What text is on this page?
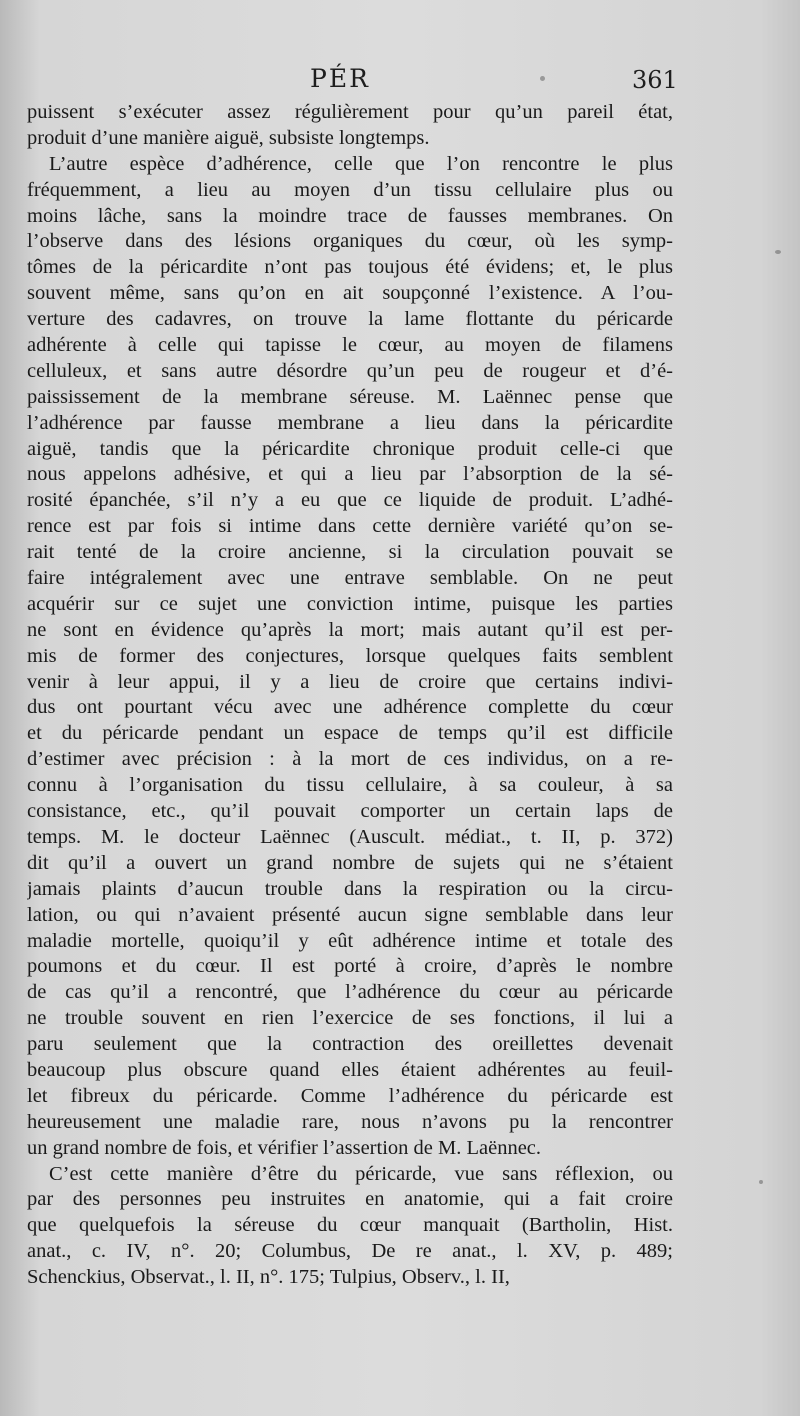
PÉR	361
puissent s’exécuter assez régulièrement pour qu’un pareil état,
produit d’une manière aiguë, subsiste longtemps.
L’autre espèce d’adhérence, celle que l’on rencontre le plus
fréquemment, a lieu au moyen d’un tissu cellulaire plus ou
moins lâche, sans la moindre trace de fausses membranes. On
l’observe dans des lésions organiques du cœur, où les symp-
tômes de la péricardite n’ont pas toujous été évidens; et, le plus
souvent même, sans qu’on en ait soupçonné l’existence. A l’ou-
verture des cadavres, on trouve la lame flottante du péricarde
adhérente à celle qui tapisse le cœur, au moyen de filamens
celluleux, et sans autre désordre qu’un peu de rougeur et d’é-
paississement de la membrane séreuse. M. Laënnec pense que
l’adhérence par fausse membrane a lieu dans la péricardite
aiguë, tandis que la péricardite chronique produit celle-ci que
nous appelons adhésive, et qui a lieu par l’absorption de la sé-
rosité épanchée, s’il n’y a eu que ce liquide de produit. L’adhé-
rence est par fois si intime dans cette dernière variété qu’on se-
rait tenté de la croire ancienne, si la circulation pouvait se
faire intégralement avec une entrave semblable. On ne peut
acquérir sur ce sujet une conviction intime, puisque les parties
ne sont en évidence qu’après la mort; mais autant qu’il est per-
mis de former des conjectures, lorsque quelques faits semblent
venir à leur appui, il y a lieu de croire que certains indivi-
dus ont pourtant vécu avec une adhérence complette du cœur
et du péricarde pendant un espace de temps qu’il est difficile
d’estimer avec précision : à la mort de ces individus, on a re-
connu à l’organisation du tissu cellulaire, à sa couleur, à sa
consistance, etc., qu’il pouvait comporter un certain laps de
temps. M. le docteur Laënnec (Auscult. médiat., t. II, p. 372)
dit qu’il a ouvert un grand nombre de sujets qui ne s’étaient
jamais plaints d’aucun trouble dans la respiration ou la circu-
lation, ou qui n’avaient présenté aucun signe semblable dans leur
maladie mortelle, quoiqu’il y eût adhérence intime et totale des
poumons et du cœur. Il est porté à croire, d’après le nombre
de cas qu’il a rencontré, que l’adhérence du cœur au péricarde
ne trouble souvent en rien l’exercice de ses fonctions, il lui a
paru seulement que la contraction des oreillettes devenait
beaucoup plus obscure quand elles étaient adhérentes au feuil-
let fibreux du péricarde. Comme l’adhérence du péricarde est
heureusement une maladie rare, nous n’avons pu la rencontrer
un grand nombre de fois, et vérifier l’assertion de M. Laënnec.
C’est cette manière d’être du péricarde, vue sans réflexion, ou
par des personnes peu instruites en anatomie, qui a fait croire
que quelquefois la séreuse du cœur manquait (Bartholin, Hist.
anat., c. IV, n°. 20; Columbus, De re anat., l. XV, p. 489;
Schenckius, Observat., l. II, n°. 175; Tulpius, Observ., l. II,
